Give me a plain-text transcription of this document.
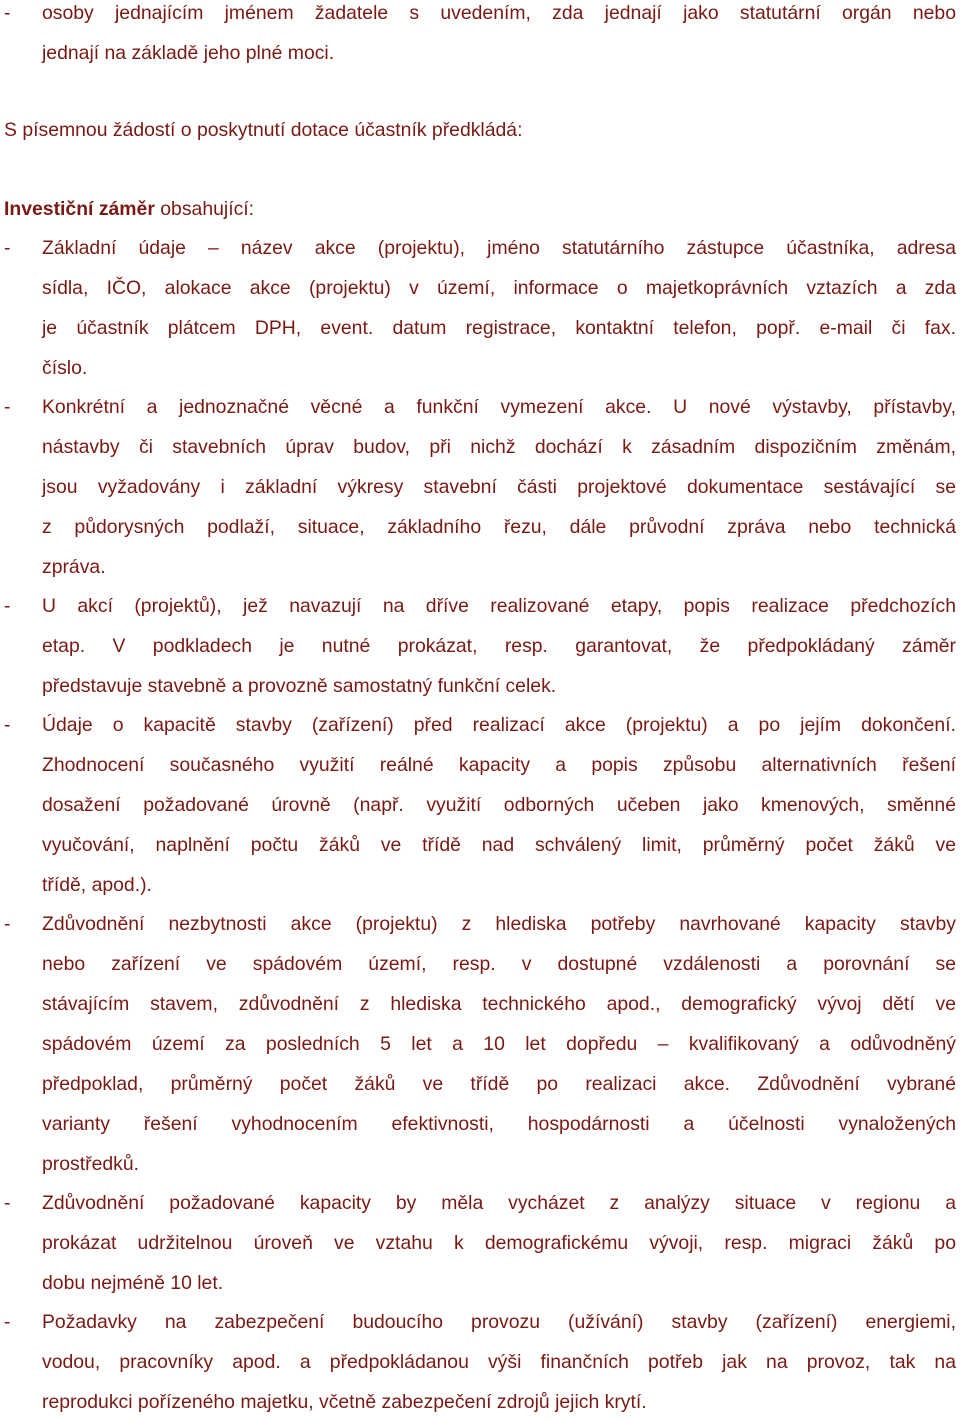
-	osoby jednajícím jménem žadatele s uvedením, zda jednají jako statutární orgán nebo
jednají na základě jeho plné moci.

S písemnou žádostí o poskytnutí dotace účastník předkládá:

Investiční záměr obsahující:

-	Základní údaje – název akce (projektu), jméno statutárního zástupce účastníka, adresa
sídla, IČO, alokace akce (projektu) v území, informace o majetkoprávních vztazích a zda
je účastník plátcem DPH, event. datum registrace, kontaktní telefon, popř. e-mail či fax.
číslo.
-	Konkrétní a jednoznačné věcné a funkční vymezení akce. U nové výstavby, přístavby,
nástavby či stavebních úprav budov, při nichž dochází k zásadním dispozičním změnám,
jsou vyžadovány i základní výkresy stavební části projektové dokumentace sestávající se
z půdorysných podlaží, situace, základního řezu, dále průvodní zpráva nebo technická
zpráva.
-	U akcí (projektů), jež navazují na dříve realizované etapy, popis realizace předchozích
etap. V podkladech je nutné prokázat, resp. garantovat, že předpokládaný záměr
představuje stavebně a provozně samostatný funkční celek.
-	Údaje o kapacitě stavby (zařízení) před realizací akce (projektu) a po jejím dokončení.
Zhodnocení současného využití reálné kapacity a popis způsobu alternativních řešení
dosažení požadované úrovně (např. využití odborných učeben jako kmenových, směnné
vyučování, naplnění počtu žáků ve třídě nad schválený limit, průměrný počet žáků ve
třídě, apod.).
-	Zdůvodnění nezbytnosti akce (projektu) z hlediska potřeby navrhované kapacity stavby
nebo zařízení ve spádovém území, resp. v dostupné vzdálenosti a porovnání se
stávajícím stavem, zdůvodnění z hlediska technického apod., demografický vývoj dětí ve
spádovém území za posledních 5 let a 10 let dopředu – kvalifikovaný a odůvodněný
předpoklad, průměrný počet žáků ve třídě po realizaci akce. Zdůvodnění vybrané
varianty řešení vyhodnocením efektivnosti, hospodárnosti a účelnosti vynaložených
prostředků.
-	Zdůvodnění požadované kapacity by měla vycházet z analýzy situace v regionu a
prokázat udržitelnou úroveň ve vztahu k demografickému vývoji, resp. migraci žáků po
dobu nejméně 10 let.
-	Požadavky na zabezpečení budoucího provozu (užívání) stavby (zařízení) energiemi,
vodou, pracovníky apod. a předpokládanou výši finančních potřeb jak na provoz, tak na
reprodukci pořízeného majetku, včetně zabezpečení zdrojů jejich krytí.
